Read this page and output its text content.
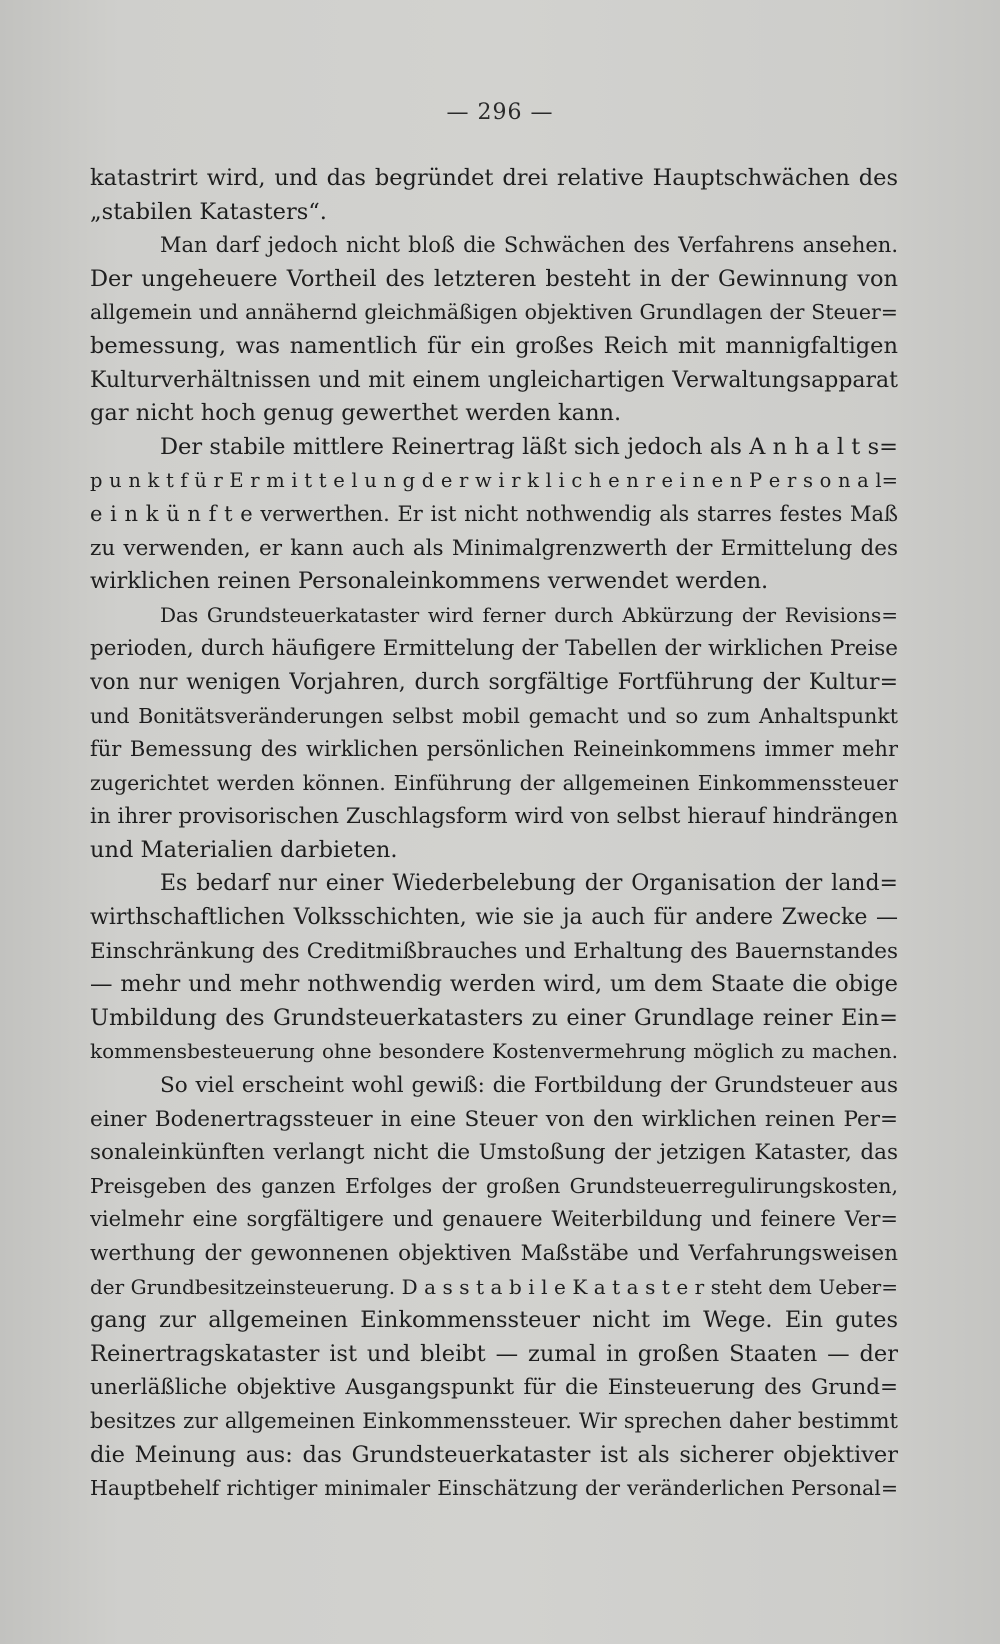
— 296 —
katastrirt wird, und das begründet drei relative Hauptschwächen des
„stabilen Katasters“.
Man darf jedoch nicht bloß die Schwächen des Verfahrens ansehen.
Der ungeheuere Vortheil des letzteren besteht in der Gewinnung von
allgemein und annähernd gleichmäßigen objektiven Grundlagen der Steuer=
bemessung, was namentlich für ein großes Reich mit mannigfaltigen
Kulturverhältnissen und mit einem ungleichartigen Verwaltungsapparat
gar nicht hoch genug gewerthet werden kann.
Der stabile mittlere Reinertrag läßt sich jedoch als A n h a l t s=
p u n k t f ü r E r m i t t e l u n g d e r w i r k l i c h e n r e i n e n P e r s o n a l=
e i n k ü n f t e verwerthen. Er ist nicht nothwendig als starres festes Maß
zu verwenden, er kann auch als Minimalgrenzwerth der Ermittelung des
wirklichen reinen Personaleinkommens verwendet werden.
Das Grundsteuerkataster wird ferner durch Abkürzung der Revisions=
perioden, durch häufigere Ermittelung der Tabellen der wirklichen Preise
von nur wenigen Vorjahren, durch sorgfältige Fortführung der Kultur=
und Bonitätsveränderungen selbst mobil gemacht und so zum Anhaltspunkt
für Bemessung des wirklichen persönlichen Reineinkommens immer mehr
zugerichtet werden können. Einführung der allgemeinen Einkommenssteuer
in ihrer provisorischen Zuschlagsform wird von selbst hierauf hindrängen
und Materialien darbieten.
Es bedarf nur einer Wiederbelebung der Organisation der land=
wirthschaftlichen Volksschichten, wie sie ja auch für andere Zwecke —
Einschränkung des Creditmißbrauches und Erhaltung des Bauernstandes
— mehr und mehr nothwendig werden wird, um dem Staate die obige
Umbildung des Grundsteuerkatasters zu einer Grundlage reiner Ein=
kommensbesteuerung ohne besondere Kostenvermehrung möglich zu machen.
So viel erscheint wohl gewiß: die Fortbildung der Grundsteuer aus
einer Bodenertragssteuer in eine Steuer von den wirklichen reinen Per=
sonaleinkünften verlangt nicht die Umstoßung der jetzigen Kataster, das
Preisgeben des ganzen Erfolges der großen Grundsteuerregulirungskosten,
vielmehr eine sorgfältigere und genauere Weiterbildung und feinere Ver=
werthung der gewonnenen objektiven Maßstäbe und Verfahrungsweisen
der Grundbesitzeinsteuerung. D a s s t a b i l e K a t a s t e r steht dem Ueber=
gang zur allgemeinen Einkommenssteuer nicht im Wege. Ein gutes
Reinertragskataster ist und bleibt — zumal in großen Staaten — der
unerläßliche objektive Ausgangspunkt für die Einsteuerung des Grund=
besitzes zur allgemeinen Einkommenssteuer. Wir sprechen daher bestimmt
die Meinung aus: das Grundsteuerkataster ist als sicherer objektiver
Hauptbehelf richtiger minimaler Einschätzung der veränderlichen Personal=
